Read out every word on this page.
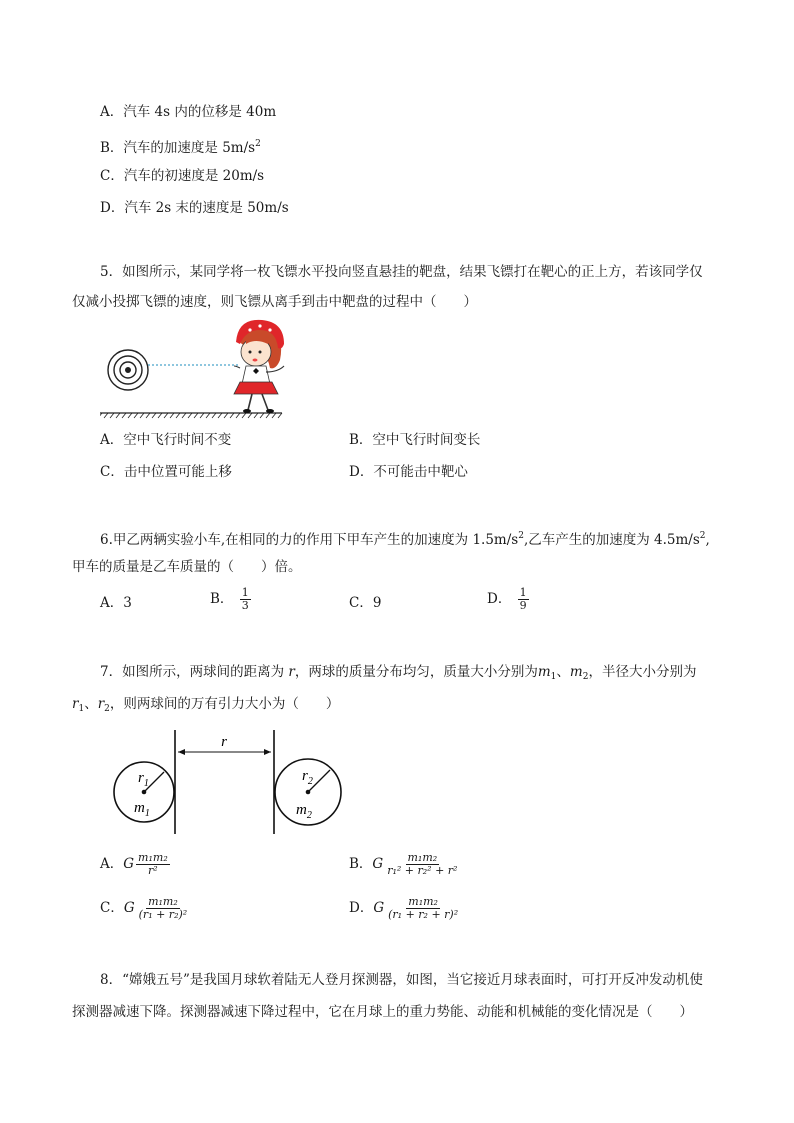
A．汽车 4s 内的位移是 40m
B．汽车的加速度是 $5m/s^2$
C．汽车的初速度是 20m/s
D．汽车 2s 末的速度是 50m/s
5．如图所示，某同学将一枚飞镖水平投向竖直悬挂的靶盘，结果飞镖打在靶心的正上方，若该同学仅
仅减小投掷飞镖的速度，则飞镖从离手到击中靶盘的过程中（　　）
A．空中飞行时间不变	B．空中飞行时间变长
C．击中位置可能上移	D．不可能击中靶心
6.甲乙两辆实验小车,在相同的力的作用下甲车产生的加速度为 $1.5m/s^2$,乙车产生的加速度为 $4.5m/s^2$,
甲车的质量是乙车质量的（　　）倍。
A．3	B． $\frac{1}{3}$	C．9	D． $\frac{1}{9}$
7．如图所示，两球间的距离为 r，两球的质量分布均匀，质量大小分别为$m_1$、$m_2$，半径大小分别为
$r_1$、$r_2$，则两球间的万有引力大小为（　　）
r
$r_1$
$m_1$
$r_2$
$m_2$
A．G $\frac{\text{m₁m₂}}{\text{r²}}$	B．G $\frac{\text{m₁m₂}}{\text{r₁² + r₂² + r²}}$
C．G $\frac{\text{m₁m₂}}{\text{(r₁ + r₂)²}}$	D．G $\frac{\text{m₁m₂}}{\text{(r₁ + r₂ + r)²}}$
8．“嫦娥五号”是我国月球软着陆无人登月探测器，如图，当它接近月球表面时，可打开反冲发动机使
探测器减速下降。探测器减速下降过程中，它在月球上的重力势能、动能和机械能的变化情况是（　　）
